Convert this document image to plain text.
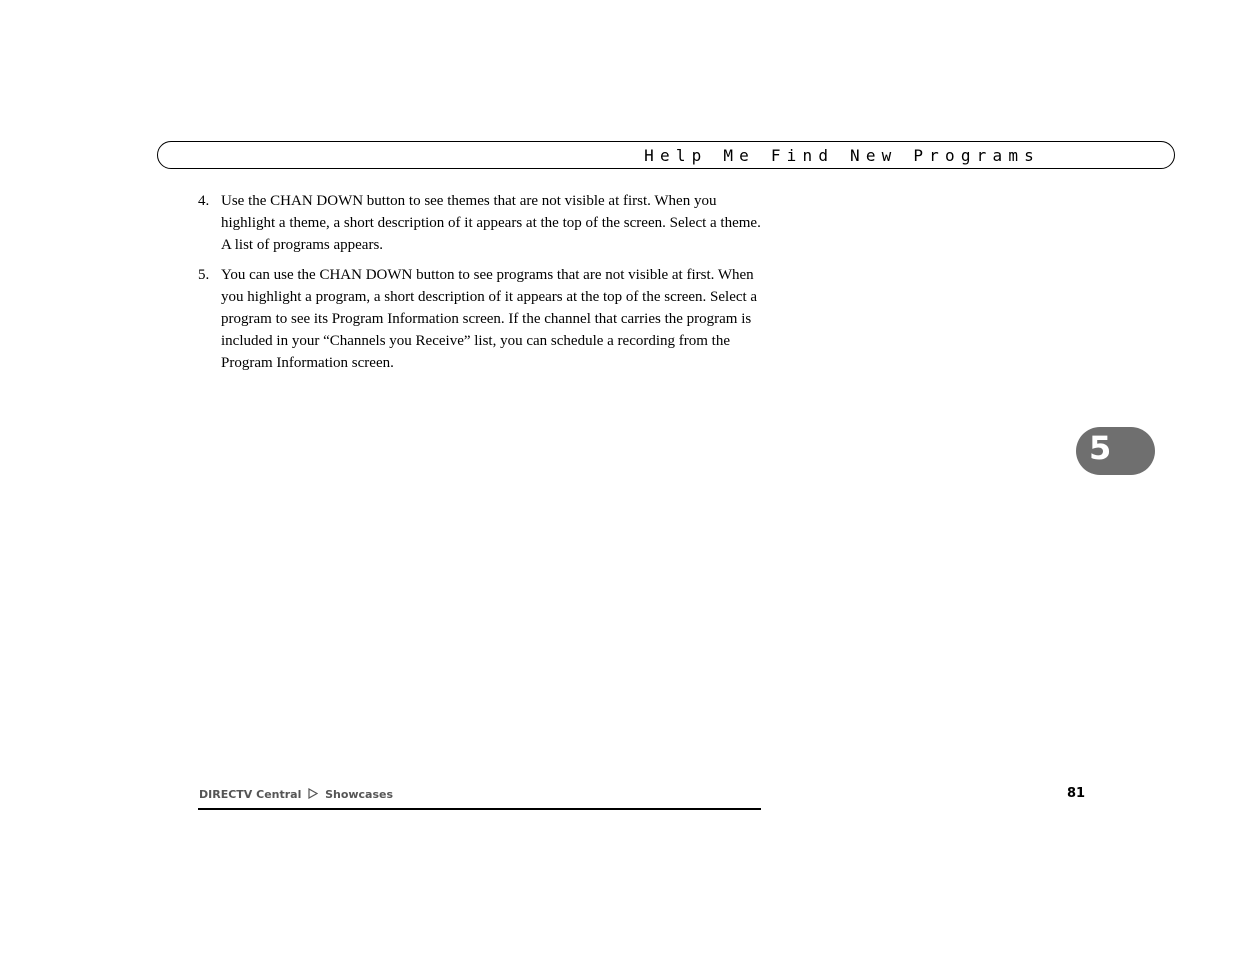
Help Me Find New Programs
4. Use the CHAN DOWN button to see themes that are not visible at first. When you highlight a theme, a short description of it appears at the top of the screen. Select a theme. A list of programs appears.
5. You can use the CHAN DOWN button to see programs that are not visible at first. When you highlight a program, a short description of it appears at the top of the screen. Select a program to see its Program Information screen. If the channel that carries the program is included in your “Channels you Receive” list, you can schedule a recording from the Program Information screen.
5
DIRECTV Central Showcases	81
